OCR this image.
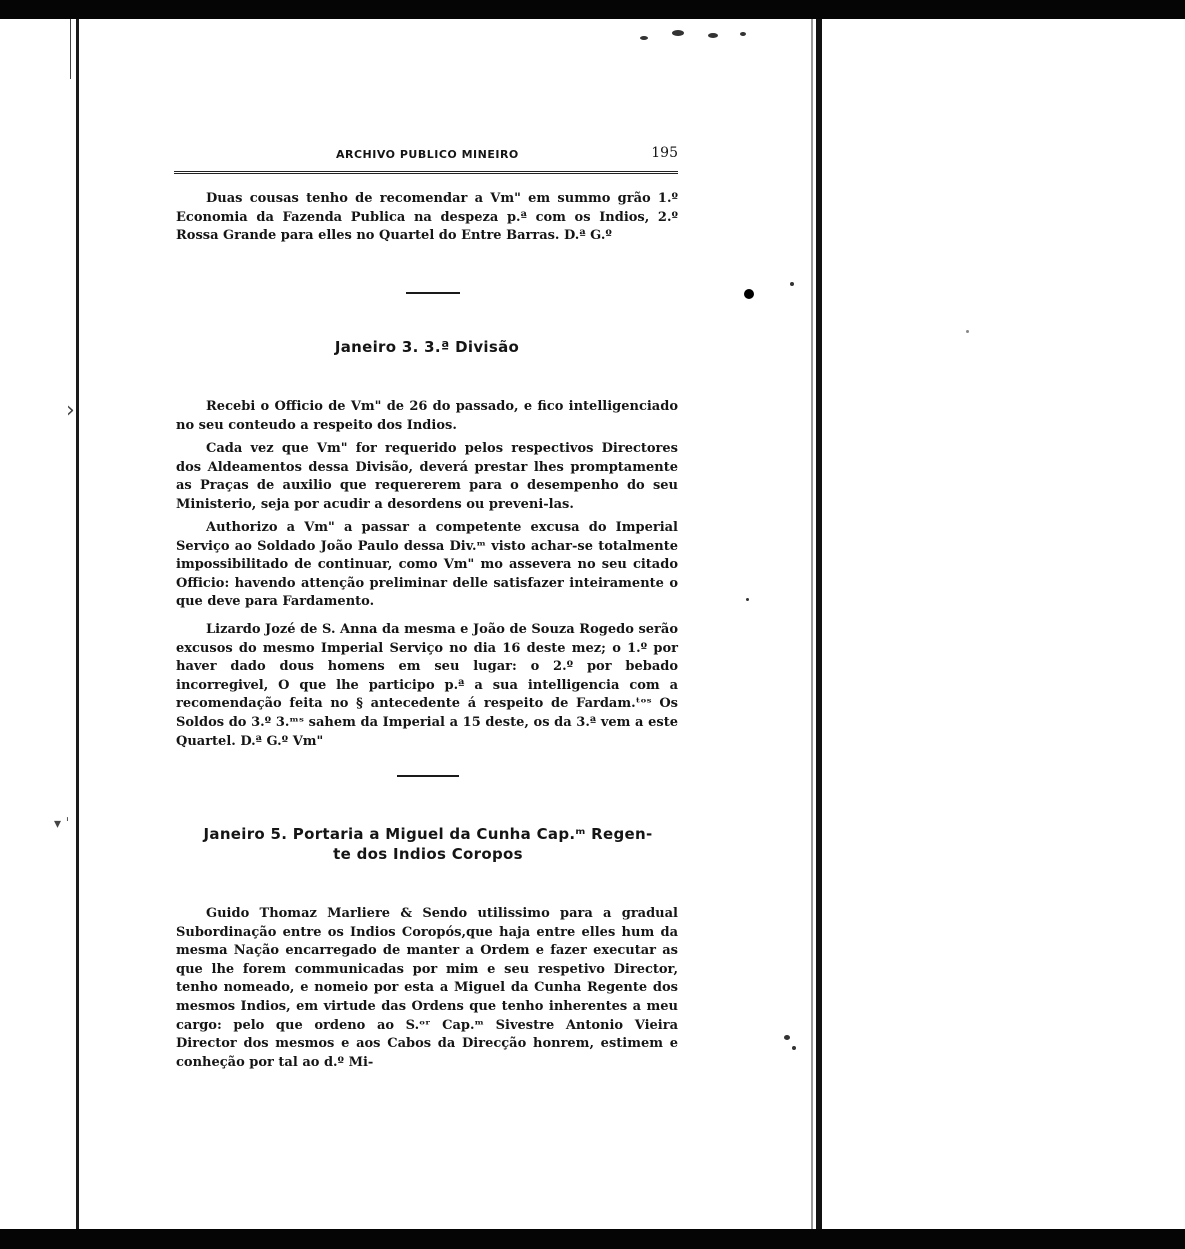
›
▾ ˈ
ARCHIVO PUBLICO MINEIRO	195

Duas cousas tenho de recomendar a Vm" em summo grão 1.º Economia da Fazenda Publica na despeza p.ª com os Indios, 2.º Rossa Grande para elles no Quartel do Entre Barras. D.ª G.º

Janeiro 3. 3.ª Divisão

Recebi o Officio de Vm" de 26 do passado, e fico intelligenciado no seu conteudo a respeito dos Indios.

Cada vez que Vm" for requerido pelos respectivos Directores dos Aldeamentos dessa Divisão, deverá prestar lhes promptamente as Praças de auxilio que requererem para o desempenho do seu Ministerio, seja por acudir a desordens ou preveni-las.

Authorizo a Vm" a passar a competente excusa do Imperial Serviço ao Soldado João Paulo dessa Div.ᵐ visto achar-se totalmente impossibilitado de continuar, como Vm" mo assevera no seu citado Officio: havendo attenção preliminar delle satisfazer inteiramente o que deve para Fardamento.

Lizardo Jozé de S. Anna da mesma e João de Souza Rogedo serão excusos do mesmo Imperial Serviço no dia 16 deste mez; o 1.º por haver dado dous homens em seu lugar: o 2.º por bebado incorregivel, O que lhe participo p.ª a sua intelligencia com a recomendação feita no § antecedente á respeito de Fardam.ᵗᵒˢ Os Soldos do 3.º 3.ᵐˢ sahem da Imperial a 15 deste, os da 3.ª vem a este Quartel. D.ª G.º Vm"

Janeiro 5. Portaria a Miguel da Cunha Cap.ᵐ Regen-
te dos Indios Coropos

Guido Thomaz Marliere & Sendo utilissimo para a gradual Subordinação entre os Indios Coropós,que haja entre elles hum da mesma Nação encarregado de manter a Ordem e fazer executar as que lhe forem communicadas por mim e seu respetivo Director, tenho nomeado, e nomeio por esta a Miguel da Cunha Regente dos mesmos Indios, em virtude das Ordens que tenho inherentes a meu cargo: pelo que ordeno ao S.ᵒʳ Cap.ᵐ Sivestre Antonio Vieira Director dos mesmos e aos Cabos da Direcção honrem, estimem e conheção por tal ao d.º Mi-
